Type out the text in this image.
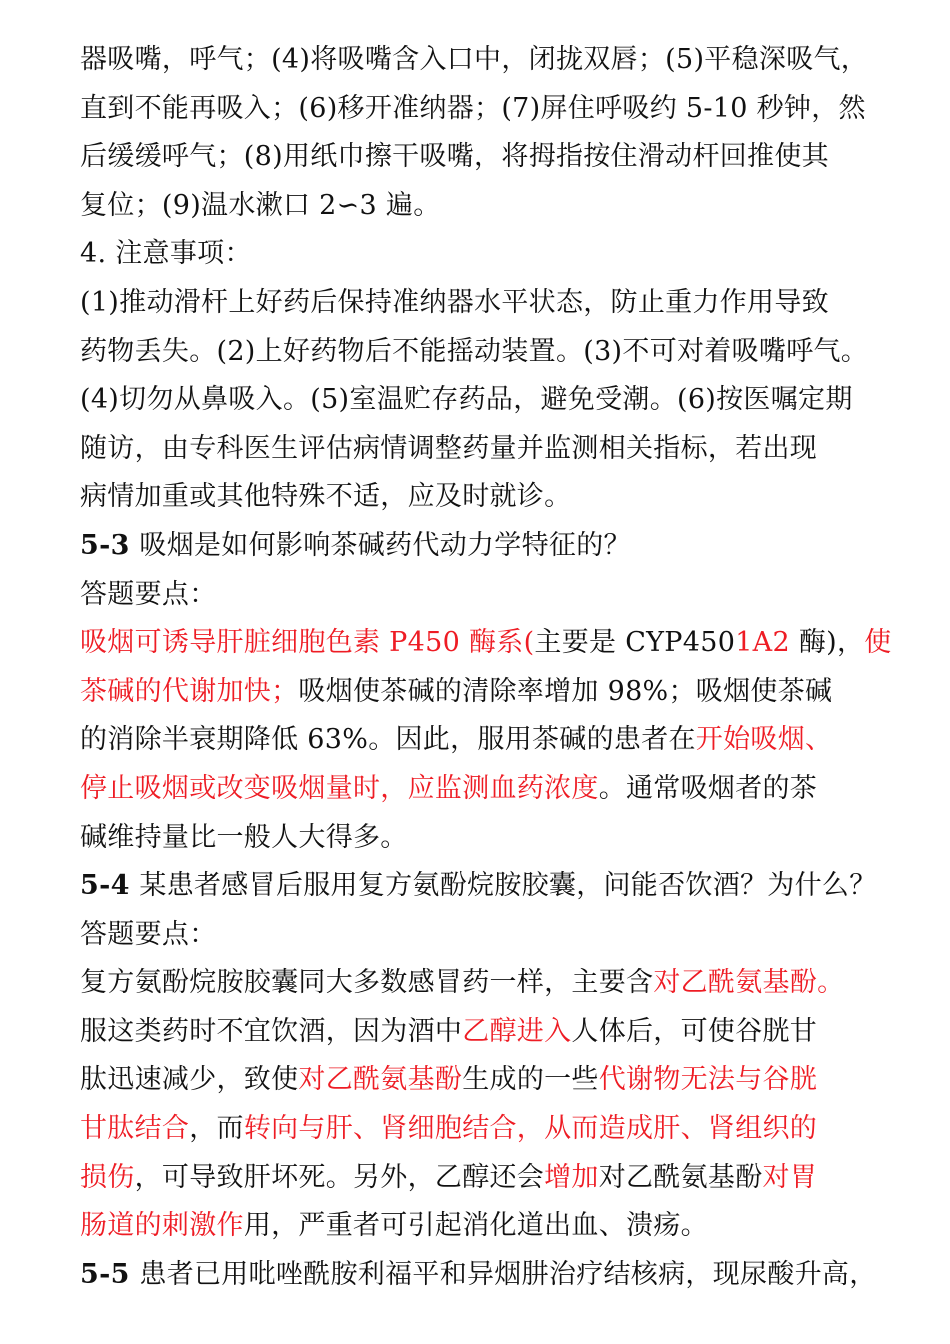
器吸嘴，呼气；(4)将吸嘴含入口中，闭拢双唇；(5)平稳深吸气，
直到不能再吸入；(6)移开准纳器；(7)屏住呼吸约 5-10 秒钟，然
后缓缓呼气；(8)用纸巾擦干吸嘴，将拇指按住滑动杆回推使其
复位；(9)温水漱口 2∽3 遍。
4. 注意事项：
(1)推动滑杆上好药后保持准纳器水平状态，防止重力作用导致
药物丢失。(2)上好药物后不能摇动装置。(3)不可对着吸嘴呼气。
(4)切勿从鼻吸入。(5)室温贮存药品，避免受潮。(6)按医嘱定期
随访，由专科医生评估病情调整药量并监测相关指标，若出现
病情加重或其他特殊不适，应及时就诊。
5-3 吸烟是如何影响茶碱药代动力学特征的？
答题要点：
吸烟可诱导肝脏细胞色素 P450 酶系(主要是 CYP4501A2 酶)，使
茶碱的代谢加快；吸烟使茶碱的清除率增加 98%；吸烟使茶碱
的消除半衰期降低 63%。因此，服用茶碱的患者在开始吸烟、
停止吸烟或改变吸烟量时，应监测血药浓度。通常吸烟者的茶
碱维持量比一般人大得多。
5-4 某患者感冒后服用复方氨酚烷胺胶囊，问能否饮酒？为什么？
答题要点：
复方氨酚烷胺胶囊同大多数感冒药一样，主要含对乙酰氨基酚。
服这类药时不宜饮酒，因为酒中乙醇进入人体后，可使谷胱甘
肽迅速减少，致使对乙酰氨基酚生成的一些代谢物无法与谷胱
甘肽结合，而转向与肝、肾细胞结合，从而造成肝、肾组织的
损伤，可导致肝坏死。另外，乙醇还会增加对乙酰氨基酚对胃
肠道的刺激作用，严重者可引起消化道出血、溃疡。
5-5 患者已用吡唑酰胺利福平和异烟肼治疗结核病，现尿酸升高，
